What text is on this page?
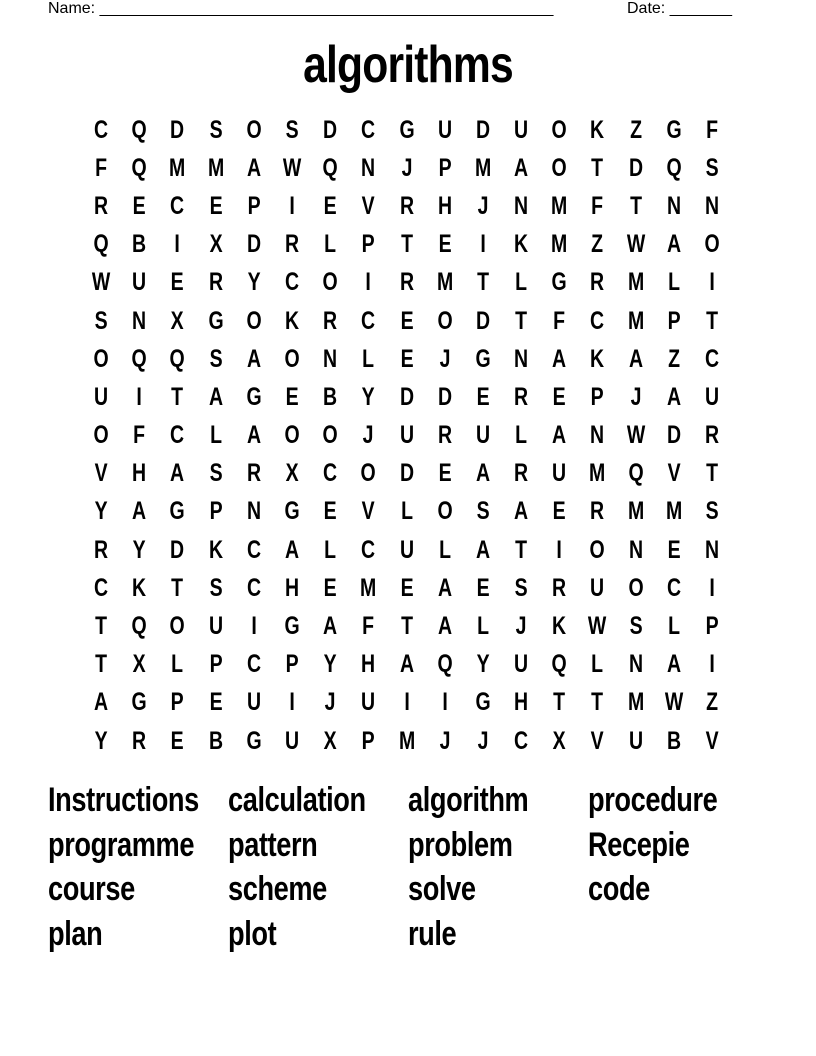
Name: ___________________________________________________	Date: _______
algorithms
C Q D S O S D C G U D U O K	Z G F
F Q M M A W Q N	J	P M A O T	D Q S
R E C E	P	I	E	V R H	J	N M F	T	N N
Q B	I	X D R	L	P	T	E	I	K M Z W A O
W U E R Y C O	I	R M T	L G R M L	I
S N X G O K R C E O D	T	F	C M P	T
O Q Q S A O N	L	E	J	G N A K A	Z	C
U	I	T	A G E B Y D D E R E	P	J	A U
O F	C	L	A O O	J	U R U	L	A N W D R
V H A S R X C O D E A R U M Q V	T
Y A G P N G E	V	L O S A E R M M S
R Y D K C A	L	C U	L	A	T	I	O N E N
C K	T	S C H E M E A E	S R U O C	I
T Q O U	I	G A	F	T	A	L	J	K W S	L	P
T	X	L	P C P	Y H A Q Y U Q L	N A	I
A G P	E U	I	J	U	I	I	G H	T	T M W Z
Y R E B G U X	P M J	J	C X	V U B V
Instructions calculation algorithm	procedure
programme pattern	problem	Recepie
course	scheme	solve	code
plan	plot	rule
